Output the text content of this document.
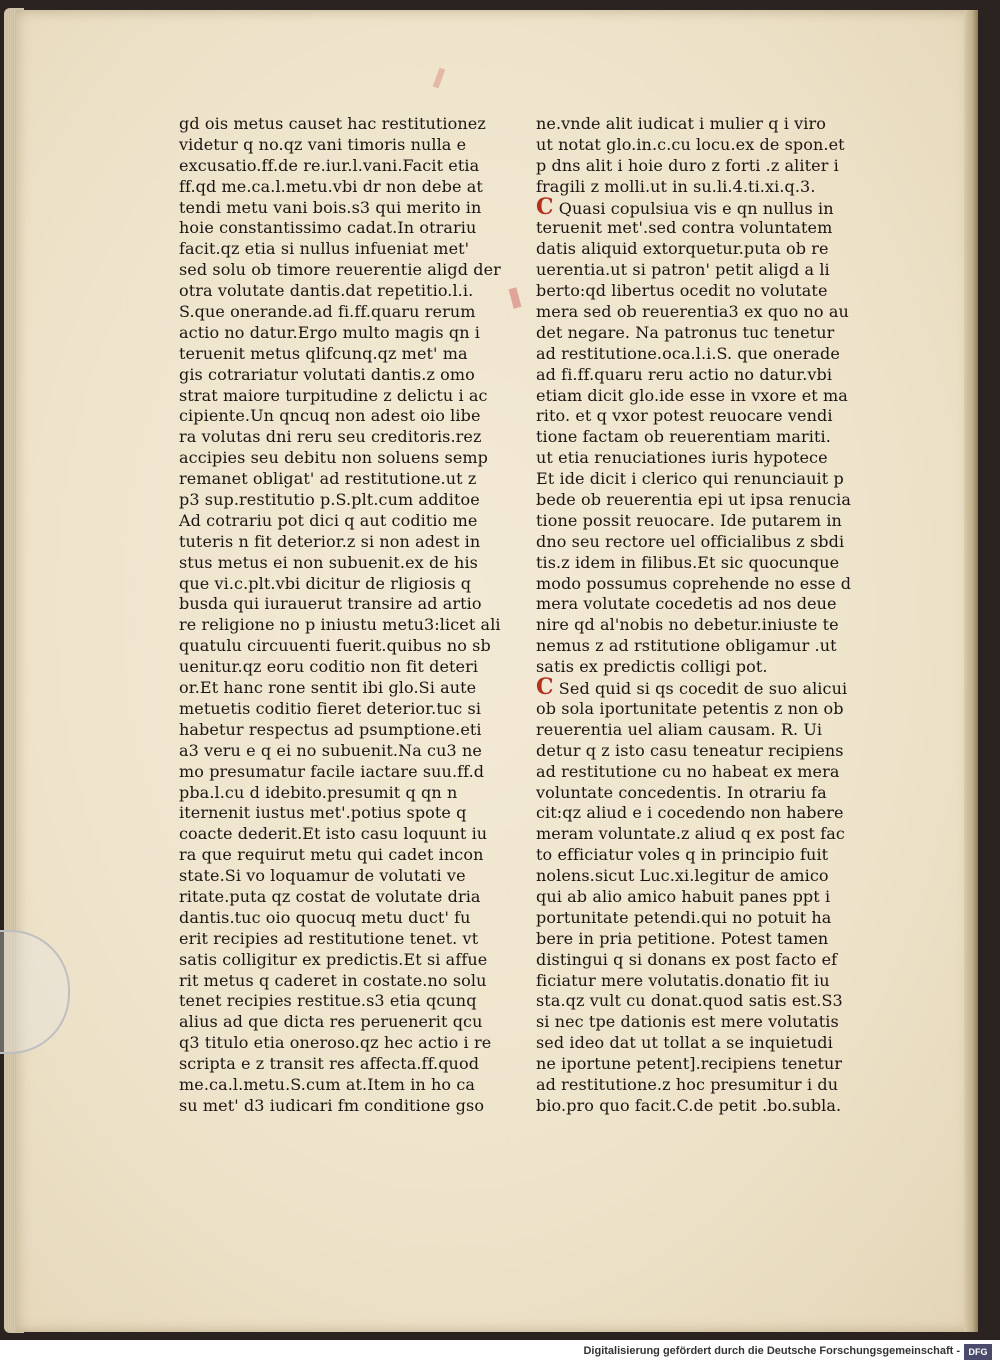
gd ois metus causet hac restitutionez
videtur q no.qz vani timoris nulla e
excusatio.ff.de re.iur.l.vani.Facit etia
ff.qd me.ca.l.metu.vbi dr non debe at
tendi metu vani bois.s3 qui merito in
hoie constantissimo cadat.In otrariu
facit.qz etia si nullus infueniat met'
sed solu ob timore reuerentie aligd der
otra volutate dantis.dat repetitio.l.i.
S.que onerande.ad fi.ff.quaru rerum
actio no datur.Ergo multo magis qn i
teruenit metus qlifcunq.qz met' ma
gis cotrariatur volutati dantis.z omo
strat maiore turpitudine z delictu i ac
cipiente.Un qncuq non adest oio libe
ra volutas dni reru seu creditoris.rez
accipies seu debitu non soluens semp
remanet obligat' ad restitutione.ut z
p3 sup.restitutio p.S.plt.cum additoe
Ad cotrariu pot dici q aut coditio me
tuteris n fit deterior.z si non adest in
stus metus ei non subuenit.ex de his
que vi.c.plt.vbi dicitur de rligiosis q
busda qui iurauerut transire ad artio
re religione no p iniustu metu3:licet ali
quatulu circuuenti fuerit.quibus no sb
uenitur.qz eoru coditio non fit deteri
or.Et hanc rone sentit ibi glo.Si aute
metuetis coditio fieret deterior.tuc si
habetur respectus ad psumptione.eti
a3 veru e q ei no subuenit.Na cu3 ne
mo presumatur facile iactare suu.ff.d
pba.l.cu d idebito.presumit q qn n
iternenit iustus met'.potius spote q
coacte dederit.Et isto casu loquunt iu
ra que requirut metu qui cadet incon
state.Si vo loquamur de volutati ve
ritate.puta qz costat de volutate dria
dantis.tuc oio quocuq metu duct' fu
erit recipies ad restitutione tenet. vt
satis colligitur ex predictis.Et si affue
rit metus q caderet in costate.no solu
tenet recipies restitue.s3 etia qcunq
alius ad que dicta res peruenerit qcu
q3 titulo etia oneroso.qz hec actio i re
scripta e z transit res affecta.ff.quod
me.ca.l.metu.S.cum at.Item in ho ca
su met' d3 iudicari fm conditione gso
ne.vnde alit iudicat i mulier q i viro
ut notat glo.in.c.cu locu.ex de spon.et
p dns alit i hoie duro z forti .z aliter i
fragili z molli.ut in su.li.4.ti.xi.q.3.
C Quasi copulsiua vis e qn nullus in
teruenit met'.sed contra voluntatem
datis aliquid extorquetur.puta ob re
uerentia.ut si patron' petit aligd a li
berto:qd libertus ocedit no volutate
mera sed ob reuerentia3 ex quo no au
det negare. Na patronus tuc tenetur
ad restitutione.oca.l.i.S. que onerade
ad fi.ff.quaru reru actio no datur.vbi
etiam dicit glo.ide esse in vxore et ma
rito. et q vxor potest reuocare vendi
tione factam ob reuerentiam mariti.
ut etia renuciationes iuris hypotece
Et ide dicit i clerico qui renunciauit p
bede ob reuerentia epi ut ipsa renucia
tione possit reuocare. Ide putarem in
dno seu rectore uel officialibus z sbdi
tis.z idem in filibus.Et sic quocunque
modo possumus coprehende no esse d
mera volutate cocedetis ad nos deue
nire qd al'nobis no debetur.iniuste te
nemus z ad rstitutione obligamur .ut
satis ex predictis colligi pot.
C Sed quid si qs cocedit de suo alicui
ob sola iportunitate petentis z non ob
reuerentia uel aliam causam. R. Ui
detur q z isto casu teneatur recipiens
ad restitutione cu no habeat ex mera
voluntate concedentis. In otrariu fa
cit:qz aliud e i cocedendo non habere
meram voluntate.z aliud q ex post fac
to efficiatur voles q in principio fuit
nolens.sicut Luc.xi.legitur de amico
qui ab alio amico habuit panes ppt i
portunitate petendi.qui no potuit ha
bere in pria petitione. Potest tamen
distingui q si donans ex post facto ef
ficiatur mere volutatis.donatio fit iu
sta.qz vult cu donat.quod satis est.S3
si nec tpe dationis est mere volutatis
sed ideo dat ut tollat a se inquietudi
ne iportune petent].recipiens tenetur
ad restitutione.z hoc presumitur i du
bio.pro quo facit.C.de petit .bo.subla.
Digitalisierung gefördert durch die Deutsche Forschungsgemeinschaft - DFG
